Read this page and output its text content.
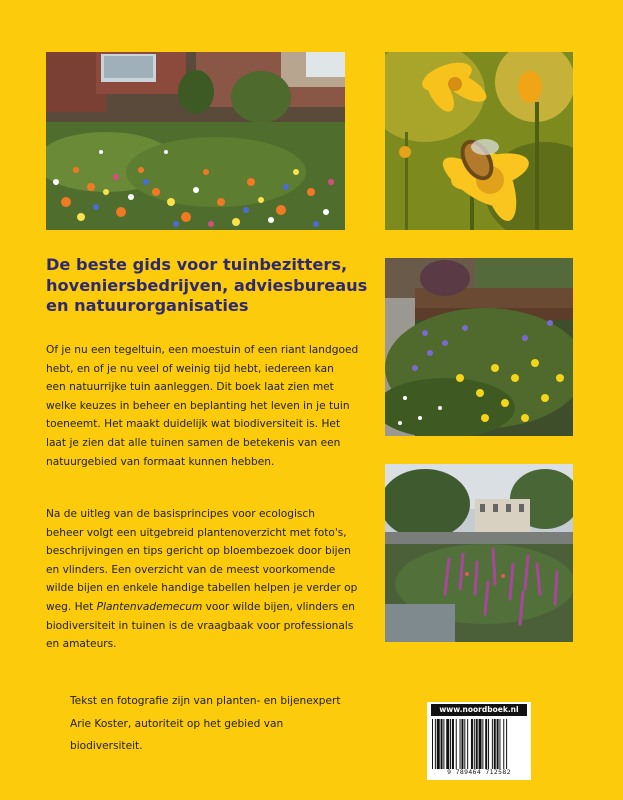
De beste gids voor tuinbezitters,
hoveniersbedrijven, adviesbureaus
en natuurorganisaties
Of je nu een tegeltuin, een moestuin of een riant landgoed
hebt, en of je nu veel of weinig tijd hebt, iedereen kan
een natuurrijke tuin aanleggen. Dit boek laat zien met
welke keuzes in beheer en beplanting het leven in je tuin
toeneemt. Het maakt duidelijk wat biodiversiteit is. Het
laat je zien dat alle tuinen samen de betekenis van een
natuurgebied van formaat kunnen hebben.
Na de uitleg van de basisprincipes voor ecologisch
beheer volgt een uitgebreid plantenoverzicht met foto's,
beschrijvingen en tips gericht op bloembezoek door bijen
en vlinders. Een overzicht van de meest voorkomende
wilde bijen en enkele handige tabellen helpen je verder op
weg. Het Plantenvademecum voor wilde bijen, vlinders en
biodiversiteit in tuinen is de vraagbaak voor professionals
en amateurs.
Tekst en fotografie zijn van planten- en bijenexpert
Arie Koster, autoriteit op het gebied van
biodiversiteit.
www.noordboek.nl
9 789464 712582
